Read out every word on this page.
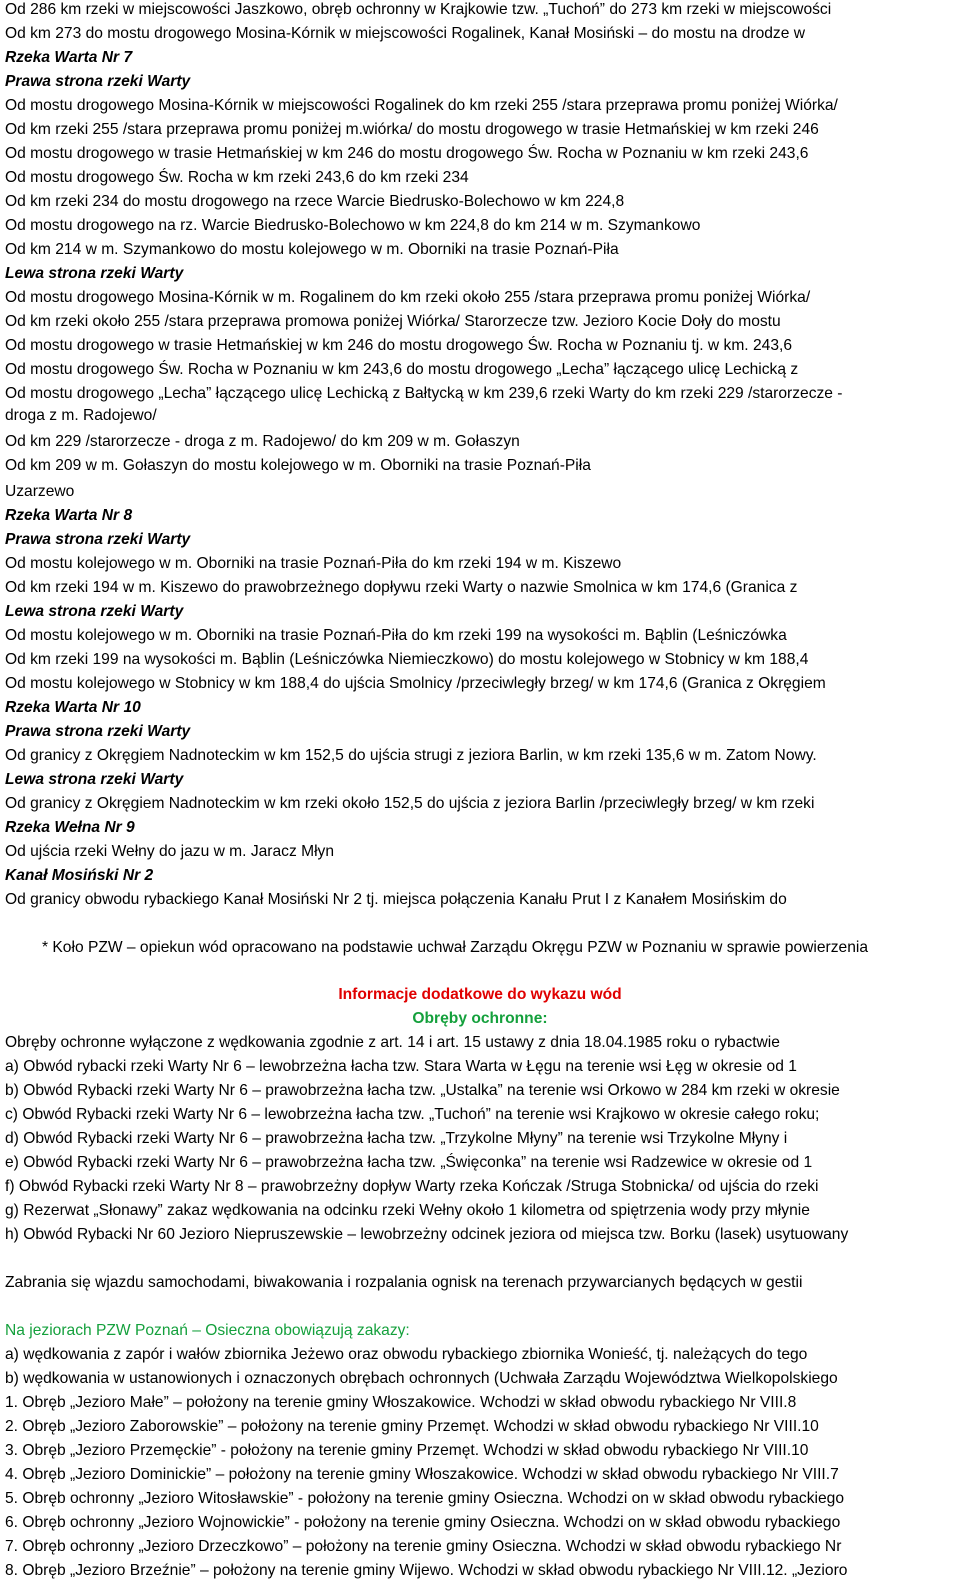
Od 286 km rzeki w miejscowości Jaszkowo, obręb ochronny w Krajkowie tzw. „Tuchoń” do 273 km rzeki w miejscowości
Od km 273 do mostu drogowego Mosina-Kórnik w miejscowości Rogalinek, Kanał Mosiński – do mostu na drodze w
Rzeka Warta Nr 7
Prawa strona rzeki Warty
Od mostu drogowego Mosina-Kórnik w miejscowości Rogalinek do km rzeki 255 /stara przeprawa promu poniżej Wiórka/
Od km rzeki 255 /stara przeprawa promu poniżej m.wiórka/ do mostu drogowego w trasie Hetmańskiej w km rzeki 246
Od mostu drogowego w trasie Hetmańskiej w km 246 do mostu drogowego Św. Rocha w Poznaniu w km rzeki 243,6
Od mostu drogowego Św. Rocha w km rzeki 243,6 do km rzeki 234
Od km rzeki 234 do mostu drogowego na rzece Warcie Biedrusko-Bolechowo w km 224,8
Od mostu drogowego na rz. Warcie Biedrusko-Bolechowo w km 224,8 do km 214 w m. Szymankowo
Od km 214 w m. Szymankowo do mostu kolejowego w m. Oborniki na trasie Poznań-Piła
Lewa strona rzeki Warty
Od mostu drogowego Mosina-Kórnik w m. Rogalinem do km rzeki około 255 /stara przeprawa promu poniżej Wiórka/
Od km rzeki około 255 /stara przeprawa promowa poniżej Wiórka/ Starorzecze tzw. Jezioro Kocie Doły do mostu
Od mostu drogowego w trasie Hetmańskiej w km 246 do mostu drogowego Św. Rocha w Poznaniu tj. w km. 243,6
Od mostu drogowego Św. Rocha w Poznaniu w km 243,6 do mostu drogowego „Lecha” łączącego ulicę Lechicką z
Od mostu drogowego „Lecha” łączącego ulicę Lechicką z Bałtycką w km 239,6 rzeki Warty do km rzeki 229 /starorzecze -
droga z m. Radojewo/
Od km 229 /starorzecze - droga z m. Radojewo/ do km 209 w m. Gołaszyn
Od km 209 w m. Gołaszyn do mostu kolejowego w m. Oborniki na trasie Poznań-Piła
Uzarzewo
Rzeka Warta Nr 8
Prawa strona rzeki Warty
Od mostu kolejowego w m. Oborniki na trasie Poznań-Piła do km rzeki 194 w m. Kiszewo
Od km rzeki 194 w m. Kiszewo do prawobrzeżnego dopływu rzeki Warty o nazwie Smolnica w km 174,6 (Granica z
Lewa strona rzeki Warty
Od mostu kolejowego w m. Oborniki na trasie Poznań-Piła do km rzeki 199 na wysokości m. Bąblin (Leśniczówka
Od km rzeki 199 na wysokości m. Bąblin (Leśniczówka Niemieczkowo) do mostu kolejowego w Stobnicy w km 188,4
Od mostu kolejowego w Stobnicy w km 188,4 do ujścia Smolnicy /przeciwległy brzeg/ w km 174,6 (Granica z Okręgiem
Rzeka Warta Nr 10
Prawa strona rzeki Warty
Od granicy z Okręgiem Nadnoteckim w km 152,5 do ujścia strugi z jeziora Barlin, w km rzeki 135,6 w m. Zatom Nowy.
Lewa strona rzeki Warty
Od granicy z Okręgiem Nadnoteckim w km rzeki około 152,5 do ujścia z jeziora Barlin /przeciwległy brzeg/ w km rzeki
Rzeka Wełna Nr 9
Od ujścia rzeki Wełny do jazu w m. Jaracz Młyn
Kanał Mosiński Nr 2
Od granicy obwodu rybackiego Kanał Mosiński Nr 2 tj. miejsca połączenia Kanału Prut I z Kanałem Mosińskim do
* Koło PZW – opiekun wód opracowano na podstawie uchwał Zarządu Okręgu PZW w Poznaniu w sprawie powierzenia
Informacje dodatkowe do wykazu wód
Obręby ochronne:
Obręby ochronne wyłączone z wędkowania zgodnie z art. 14 i art. 15 ustawy z dnia 18.04.1985 roku o rybactwie
a) Obwód rybacki rzeki Warty Nr 6 – lewobrzeżna łacha tzw. Stara Warta w Łęgu na terenie wsi Łęg w okresie od 1
b) Obwód Rybacki rzeki Warty Nr 6 – prawobrzeżna łacha tzw. „Ustalka” na terenie wsi Orkowo w 284 km rzeki w okresie
c) Obwód Rybacki rzeki Warty Nr 6 – lewobrzeżna łacha tzw. „Tuchoń” na terenie wsi Krajkowo w okresie całego roku;
d) Obwód Rybacki rzeki Warty Nr 6 – prawobrzeżna łacha tzw. „Trzykolne Młyny” na terenie wsi Trzykolne Młyny i
e) Obwód Rybacki rzeki Warty Nr 6 – prawobrzeżna łacha tzw. „Święconka” na terenie wsi Radzewice w okresie od 1
f) Obwód Rybacki rzeki Warty Nr 8 – prawobrzeżny dopływ Warty rzeka Kończak /Struga Stobnicka/ od ujścia do rzeki
g) Rezerwat „Słonawy” zakaz wędkowania na odcinku rzeki Wełny około 1 kilometra od spiętrzenia wody przy młynie
h) Obwód Rybacki Nr 60 Jezioro Niepruszewskie – lewobrzeżny odcinek jeziora od miejsca tzw. Borku (lasek) usytuowany
Zabrania się wjazdu samochodami, biwakowania i rozpalania ognisk na terenach przywarcianych będących w gestii
Na jeziorach PZW Poznań – Osieczna obowiązują zakazy:
a) wędkowania z zapór i wałów zbiornika Jeżewo oraz obwodu rybackiego zbiornika Wonieść, tj. należących do tego
b) wędkowania w ustanowionych i oznaczonych obrębach ochronnych (Uchwała Zarządu Województwa Wielkopolskiego
1. Obręb „Jezioro Małe” – położony na terenie gminy Włoszakowice. Wchodzi w skład obwodu rybackiego Nr VIII.8
2. Obręb „Jezioro Zaborowskie” – położony na terenie gminy Przemęt. Wchodzi w skład obwodu rybackiego Nr VIII.10
3. Obręb „Jezioro Przemęckie” - położony na terenie gminy Przemęt. Wchodzi w skład obwodu rybackiego Nr VIII.10
4. Obręb „Jezioro Dominickie” – położony na terenie gminy Włoszakowice. Wchodzi w skład obwodu rybackiego Nr VIII.7
5. Obręb ochronny „Jezioro Witosławskie” - położony na terenie gminy Osieczna. Wchodzi on w skład obwodu rybackiego
6. Obręb ochronny „Jezioro Wojnowickie” - położony na terenie gminy Osieczna. Wchodzi on w skład obwodu rybackiego
7. Obręb ochronny „Jezioro Drzeczkowo” – położony na terenie gminy Osieczna. Wchodzi w skład obwodu rybackiego Nr
8. Obręb „Jezioro Brzeźnie” – położony na terenie gminy Wijewo. Wchodzi w skład obwodu rybackiego Nr VIII.12. „Jezioro
